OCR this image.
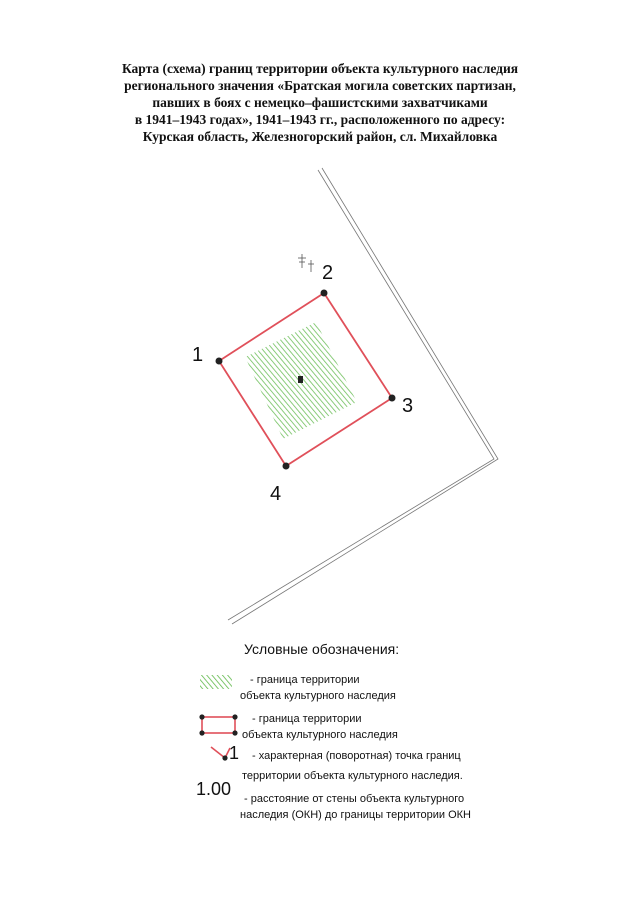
Карта (схема) границ территории объекта культурного наследия
регионального значения «Братская могила советских партизан,
павших в боях с немецко–фашистскими захватчиками
в 1941–1943 годах», 1941–1943 гг., расположенного по адресу:
Курская область, Железногорский район, сл. Михайловка
1
2
3
4
Условные обозначения:
- граница территории
объекта культурного наследия
- граница территории
объекта культурного наследия
1	- характерная (поворотная) точка границ
территории объекта культурного наследия.
1.00	- расстояние от стены объекта культурного
наследия (ОКН) до границы территории ОКН
